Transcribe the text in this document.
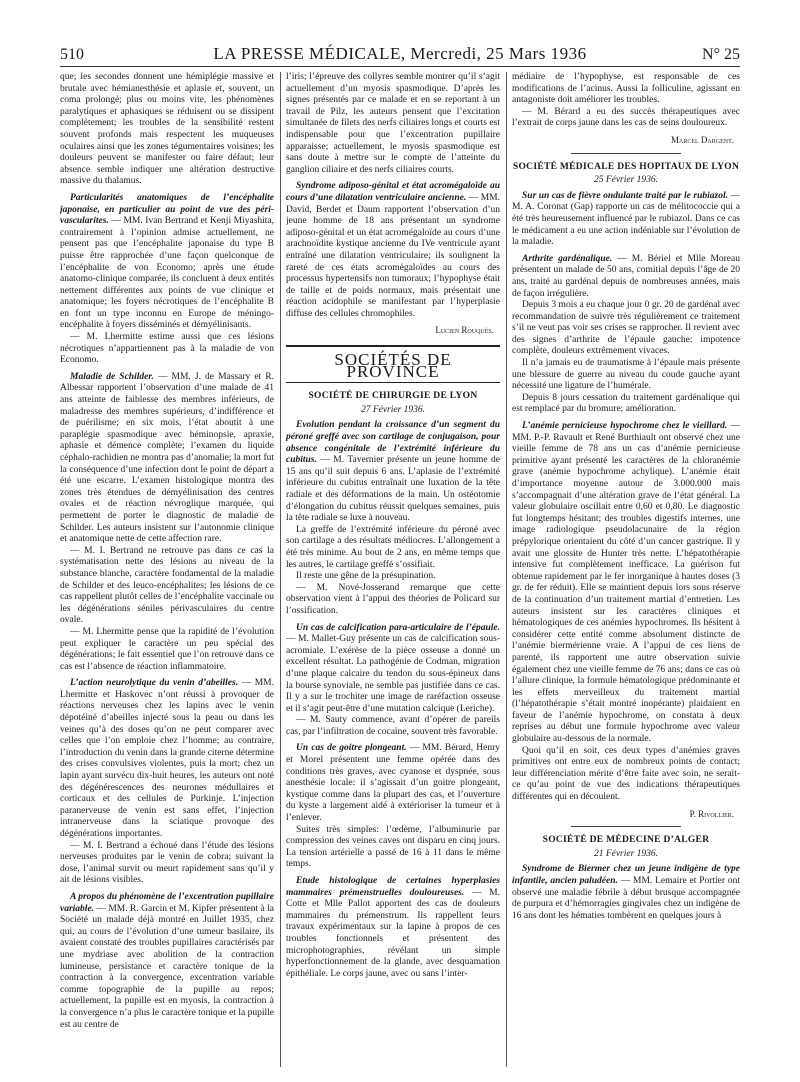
510	LA PRESSE MÉDICALE, Mercredi, 25 Mars 1936	N° 25

que; les secondes donnent une hémiplégie massive et brutale avec hémianesthésie et aplasie et, souvent, un coma prolongé; plus ou moins vite, les phénomènes paralytiques et aphasiques se réduisent ou se dissipent complètement; les troubles de la sensibilité restent souvent profonds mais respectent les muqueuses oculaires ainsi que les zones tégumentaires voisines; les douleurs peuvent se manifester ou faire défaut; leur absence semble indiquer une altération destructive massive du thalamus.

Particularités anatomiques de l’encéphalite japonaise, en particulier au point de vue des péri-vascularites. — MM. Ivan Bertrand et Kenji Miyashita, contrairement à l’opinion admise actuellement, ne pensent pas que l’encéphalite japonaise du type B puisse être rapprochée d’une façon quelconque de l’encéphalite de von Economo; après une étude anatomo-clinique comparée, ils concluent à deux entités nettement différentes aux points de vue clinique et anatomique; les foyers nécrotiques de l’encéphalite B en font un type inconnu en Europe de méningo-encéphalite à foyers disséminés et démyélinisants.

— M. Lhermitte estime aussi que ces lésions nécrotiques n’appartiennent pas à la maladie de von Economo.

Maladie de Schilder. — MM. J. de Massary et R. Albessar rapportent l’observation d’une malade de 41 ans atteinte de faiblesse des membres inférieurs, de maladresse des membres supérieurs, d’indifférence et de puérilisme; en six mois, l’état aboutit à une paraplégie spasmodique avec héminopsie, apraxie, aphasie et démence complète; l’examen du liquide céphalo-rachidien ne montra pas d’anomalie; la mort fut la conséquence d’une infection dont le point de départ a été une escarre. L’examen histologique montra des zones très étendues de démyélinisation des centres ovales et de réaction névroglique marquée, qui permettent de porter le diagnostic de maladie de Schilder. Les auteurs insistent sur l’autonomie clinique et anatomique nette de cette affection rare.

— M. I. Bertrand ne retrouve pas dans ce cas la systématisation nette des lésions au niveau de la substance blanche, caractère fondamental de la maladie de Schilder et des leuco-encéphalites; les lésions de ce cas rappellent plutôt celles de l’encéphalite vaccinale ou les dégénérations séniles périvasculaires du centre ovale.

— M. Lhermitte pense que la rapidité de l’évolution peut expliquer le caractère un peu spécial des dégénérations; le fait essentiel que l’on retrouve dans ce cas est l’absence de réaction inflammatoire.

L’action neurolytique du venin d’abeilles. — MM. Lhermitte et Haskovec n’ont réussi à provoquer de réactions nerveuses chez les lapins avec le venin dépotéiné d’abeilles injecté sous la peau ou dans les veines qu’à des doses qu’on ne peut comparer avec celles que l’on emploie chez l’homme; au contraire, l’introduction du venin dans la grande citerne détermine des crises convulsives violentes, puis la mort; chez un lapin ayant survécu dix-huit heures, les auteurs ont noté des dégénérescences des neurones médullaires et corticaux et des cellules de Purkinje. L’injection paranerveuse de venin est sans effet, l’injection intranerveuse dans la sciatique provoque des dégénérations importantes.

— M. I. Bertrand a échoué dans l’étude des lésions nerveuses produites par le venin de cobra; suivant la dose, l’animal survit ou meurt rapidement sans qu’il y ait de lésions visibles.

A propos du phénomène de l’excentration pupillaire variable. — MM. R. Garcin et M. Kipfer présentent à la Société un malade déjà montré en Juillet 1935, chez qui, au cours de l’évolution d’une tumeur basilaire, ils avaient constaté des troubles pupillaires caractérisés par une mydriase avec abolition de la contraction lumineuse, persistance et caractère tonique de la contraction à la convergence, excentration variable comme topographie de la pupille au repos; actuellement, la pupille est en myosis, la contraction à la convergence n’a plus le caractère tonique et la pupille est au centre de

l’iris; l’épreuve des collyres semble montrer qu’il s’agit actuellement d’un myosis spasmodique. D’après les signes présentés par ce malade et en se reportant à un travail de Pilz, les auteurs pensent que l’excitation simultanée de filets des nerfs ciliaires longs et courts est indispensable pour que l’excentration pupillaire apparaisse; actuellement, le myosis spasmodique est sans doute à mettre sur le compte de l’atteinte du ganglion ciliaire et des nerfs ciliaires courts.

Syndrome adiposo-génital et état acromégaloïde au cours d’une dilatation ventriculaire ancienne. — MM. David, Berdet et Daum rapportent l’observation d’un jeune homme de 18 ans présentant un syndrome adiposo-génital et un état acromégaloïde au cours d’une arachnoïdite kystique ancienne du IVe ventricule ayant entraîné une dilatation ventriculaire; ils soulignent la rareté de ces états acromégaloïdes au cours des processus hypertensifs non tumoraux; l’hypophyse était de taille et de poids normaux, mais présentait une réaction acidophile se manifestant par l’hyperplasie diffuse des cellules chromophiles.

Lucien Rouquès.
SOCIÉTÉS DE PROVINCE
SOCIÉTÉ DE CHIRURGIE DE LYON
27 Février 1936.

Evolution pendant la croissance d’un segment du péroné greffé avec son cartilage de conjugaison, pour absence congénitale de l’extrémité inférieure du cubitus. — M. Tavernier présente un jeune homme de 15 ans qu’il suit depuis 6 ans. L’aplasie de l’extrémité inférieure du cubitus entraînait une luxation de la tête radiale et des déformations de la main. Un ostéotomie d’élongation du cubitus réussit quelques semaines, puis la tête radiale se luxe à nouveau.

La greffe de l’extrémité inférieure du péroné avec son cartilage a des résultats médiocres. L’allongement a été très minime. Au bout de 2 ans, en même temps que les autres, le cartilage greffé s’ossifiait.

Il reste une gêne de la présupination.

— M. Nové-Josserand remarque que cette observation vient à l’appui des théories de Policard sur l’ossification.

Un cas de calcification para-articulaire de l’épaule. — M. Mallet-Guy présente un cas de calcification sous-acromiale. L’exérèse de la pièce osseuse a donné un excellent résultat. La pathogénie de Codman, migration d’une plaque calcaire du tendon du sous-épineux dans la bourse synoviale, ne semble pas justifiée dans ce cas. Il y a sur le trochiter une image de raréfaction osseuse et il s’agit peut-être d’une mutation calcique (Leriche).

— M. Sauty commence, avant d’opérer de pareils cas, par l’infiltration de cocaïne, souvent très favorable.

Un cas de goitre plongeant. — MM. Bérard, Henry et Morel présentent une femme opérée dans des conditions très graves, avec cyanose et dyspnée, sous anesthésie locale: il s’agissait d’un goitre plongeant, kystique comme dans la plupart des cas, et l’ouverture du kyste a largement aidé à extérioriser la tumeur et à l’enlever.

Suites très simples: l’œdème, l’albuminurie par compression des veines caves ont disparu en cinq jours. La tension artérielle a passé de 16 à 11 dans le même temps.

Etude histologique de certaines hyperplasies mammaires prémenstruelles douloureuses. — M. Cotte et Mlle Pallot apportent des cas de douleurs mammaires du prémenstrum. Ils rappellent leurs travaux expérimentaux sur la lapine à propos de ces troubles fonctionnels et présentent des microphotographies, révélant un simple hyperfonctionnement de la glande, avec desquamation épithéliale. Le corps jaune, avec ou sans l’inter-

médiaire de l’hypophyse, est responsable de ces modifications de l’acinus. Aussi la folliculine, agissant en antagoniste doit améliorer les troubles.

— M. Bérard a eu des succès thérapeutiques avec l’extrait de corps jaune dans les cas de seins douloureux.

Marcel Dargent.
SOCIÉTÉ MÉDICALE DES HOPITAUX DE LYON
25 Février 1936.

Sur un cas de fièvre ondulante traité par le rubiazol. — M. A. Coronat (Gap) rapporte un cas de mélitococcie qui a été très heureusement influencé par le rubiazol. Dans ce cas le médicament a eu une action indéniable sur l’évolution de la maladie.

Arthrite gardénalique. — M. Bériel et Mlle Moreau présentent un malade de 50 ans, comitial depuis l’âge de 20 ans, traité au gardénal depuis de nombreuses années, mais de façon irrégulière.

Depuis 3 mois a eu chaque jour 0 gr. 20 de gardénal avec recommandation de suivre très régulièrement ce traitement s’il ne veut pas voir ses crises se rapprocher. Il revient avec des signes d’arthrite de l’épaule gauche: impotence complète, douleurs extrêmement vivaces.

Il n’a jamais eu de traumatisme à l’épaule mais présente une blessure de guerre au niveau du coude gauche ayant nécessité une ligature de l’humérale.

Depuis 8 jours cessation du traitement gardénalique qui est remplacé par du bromure; amélioration.

L’anémie pernicieuse hypochrome chez le vieillard. — MM. P.-P. Ravault et René Burthiault ont observé chez une vieille femme de 78 ans un cas d’anémie pernicieuse primitive ayant présenté les caractères de la chloranémie grave (anémie hypochrome achylique). L’anémie était d’importance moyenne autour de 3.000.000 mais s’accompagnait d’une altération grave de l’état général. La valeur globulaire oscillait entre 0,60 et 0,80. Le diagnostic fut longtemps hésitant; des troubles digestifs internes, une image radiologique pseudolacunaire de la région prépylorique orientaient du côté d’un cancer gastrique. Il y avait une glossite de Hunter très nette. L’hépatothérapie intensive fut complètement inefficace. La guérison fut obtenue rapidement par le fer inorganique à hautes doses (3 gr. de fer réduit). Elle se maintient depuis lors sous réserve de la continuation d’un traitement martial d’entretien. Les auteurs insistent sur les caractères cliniques et hématologiques de ces anémies hypochromes. Ils hésitent à considérer cette entité comme absolument distincte de l’anémie biermérienne vraie. A l’appui de ces liens de parenté, ils rapportent une autre observation suivie également chez une vieille femme de 76 ans; dans ce cas où l’allure clinique, la formule hématologique prédominante et les effets merveilleux du traitement martial (l’hépatothérapie s’était montré inopérante) plaidaient en faveur de l’anémie hypochrome, on constata à deux reprises au début une formule hypochrome avec valeur globulaire au-dessous de la normale.

Quoi qu’il en soit, ces deux types d’anémies graves primitives ont entre eux de nombreux points de contact; leur différenciation mérite d’être faite avec soin, ne serait-ce qu’au point de vue des indications thérapeutiques différentes qui en découlent.

P. Rivollier.
SOCIÉTÉ DE MÉDECINE D’ALGER
21 Février 1936.

Syndrome de Biermer chez un jeune indigène de type infantile, ancien paludéen. — MM. Lemaire et Portier ont observé une maladie fébrile à début brusque accompagnée de purpura et d’hémorragies gingivales chez un indigène de 16 ans dont les hématies tombèrent en quelques jours à
